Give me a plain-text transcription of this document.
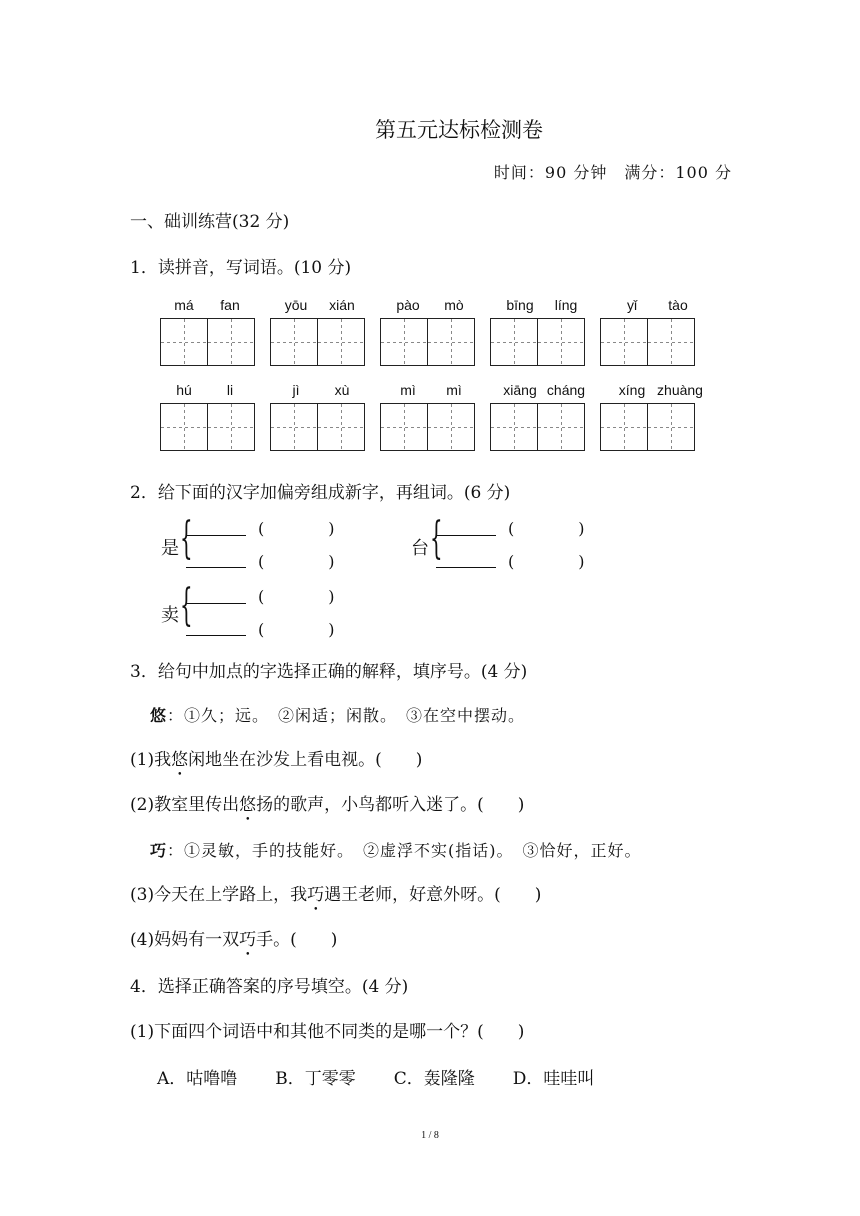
第五元达标检测卷
时间：90 分钟　满分：100 分
一、础训练营(32 分)
1．读拼音，写词语。(10 分)
má	fan	yōu	xián	pào	mò	bīng	líng	yǐ	tào
hú	li	jì	xù	mì	mì	xiāng cháng	xíng zhuàng
2．给下面的汉字加偏旁组成新字，再组词。(6 分)
是 {	(　　　　)
(　　　　)
台 {	(　　　　)
(　　　　)
卖 {	(　　　　)
(　　　　)
3．给句中加点的字选择正确的解释，填序号。(4 分)
悠：①久；远。　②闲适；闲散。　③在空中摆动。
(1)我悠闲地坐在沙发上看电视。(　　)
(2)教室里传出悠扬的歌声，小鸟都听入迷了。(　　)
巧：①灵敏，手的技能好。　②虚浮不实(指话)。　③恰好，正好。
(3)今天在上学路上，我巧遇王老师，好意外呀。(　　)
(4)妈妈有一双巧手。(　　)
4．选择正确答案的序号填空。(4 分)
(1)下面四个词语中和其他不同类的是哪一个？(　　)
A．咕噜噜 B．丁零零 C．轰隆隆 D．哇哇叫
1 / 8
